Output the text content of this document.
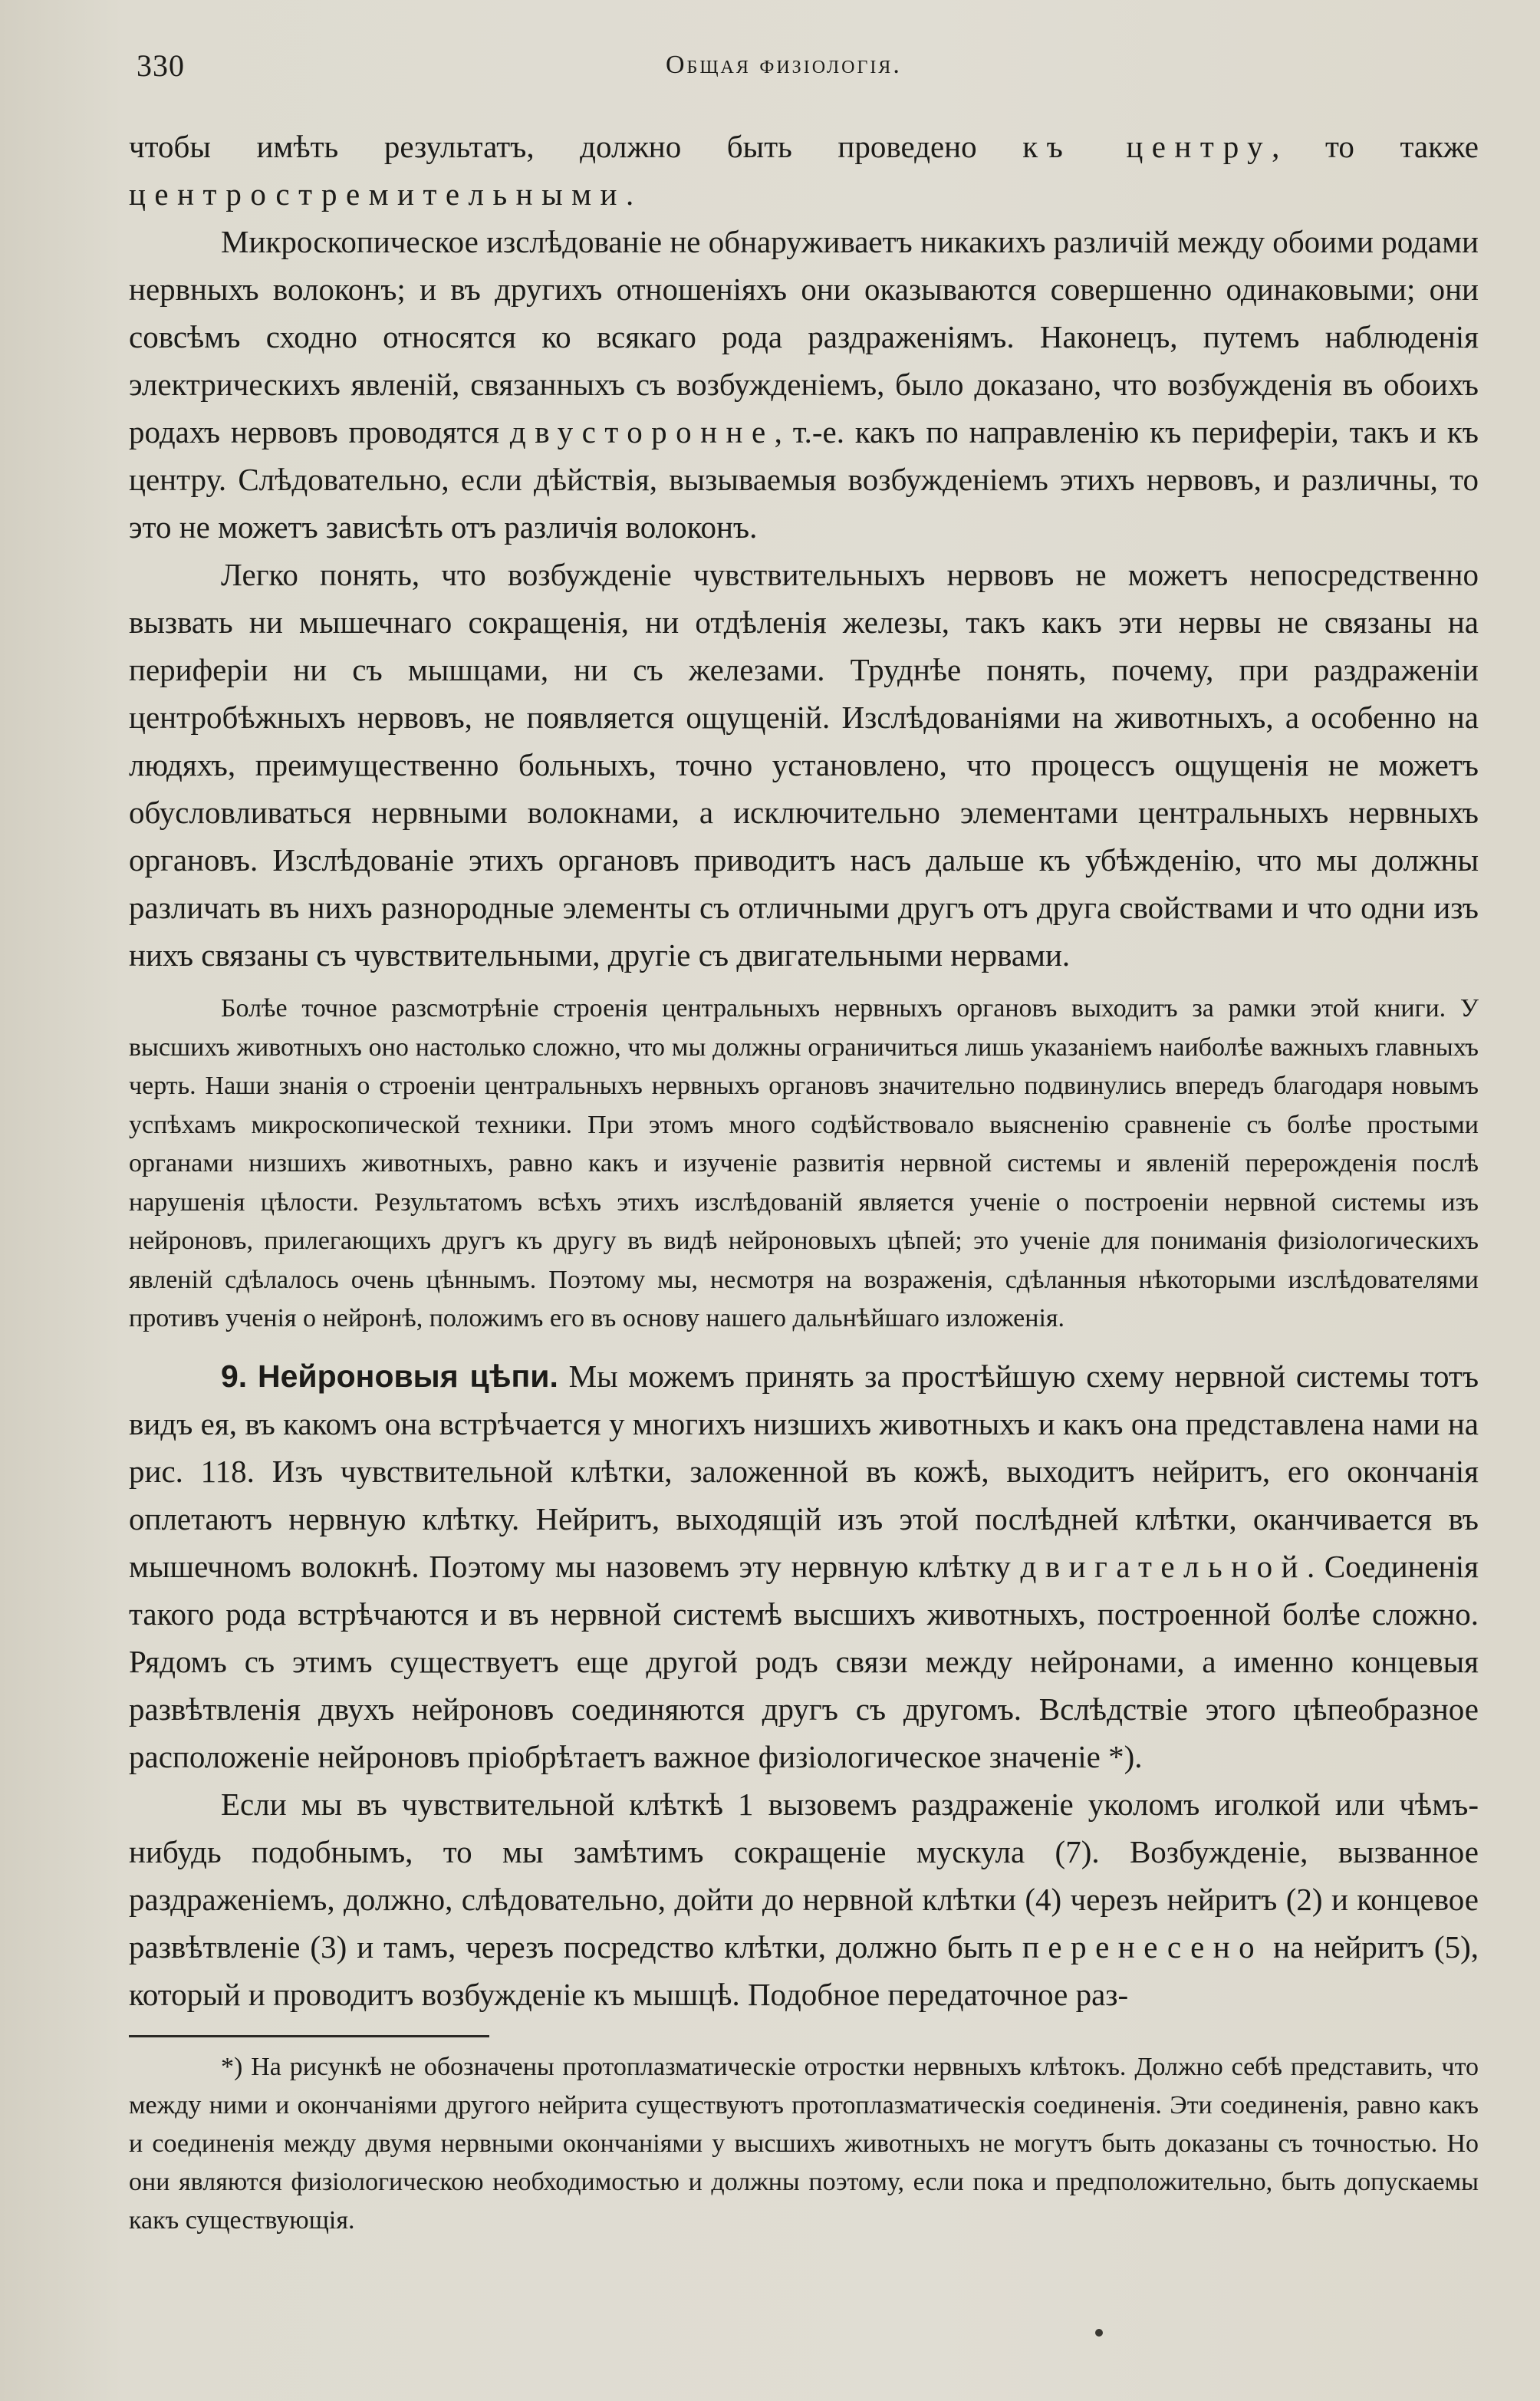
330	Общая физіологія.

чтобы имѣть результатъ, должно быть проведено къ центру, то также центростремительными.

Микроскопическое изслѣдованіе не обнаруживаетъ никакихъ различій между обоими родами нервныхъ волоконъ; и въ другихъ отношеніяхъ они оказываются совершенно одинаковыми; они совсѣмъ сходно относятся ко всякаго рода раздраженіямъ. Наконецъ, путемъ наблюденія электрическихъ явленій, связанныхъ съ возбужденіемъ, было доказано, что возбужденія въ обоихъ родахъ нервовъ проводятся двусторонне, т.-е. какъ по направленію къ периферіи, такъ и къ центру. Слѣдовательно, если дѣйствія, вызываемыя возбужденіемъ этихъ нервовъ, и различны, то это не можетъ зависѣть отъ различія волоконъ.

Легко понять, что возбужденіе чувствительныхъ нервовъ не можетъ непосредственно вызвать ни мышечнаго сокращенія, ни отдѣленія железы, такъ какъ эти нервы не связаны на периферіи ни съ мышцами, ни съ железами. Труднѣе понять, почему, при раздраженіи центробѣжныхъ нервовъ, не появляется ощущеній. Изслѣдованіями на животныхъ, а особенно на людяхъ, преимущественно больныхъ, точно установлено, что процессъ ощущенія не можетъ обусловливаться нервными волокнами, а исключительно элементами центральныхъ нервныхъ органовъ. Изслѣдованіе этихъ органовъ приводитъ насъ дальше къ убѣжденію, что мы должны различать въ нихъ разнородные элементы съ отличными другъ отъ друга свойствами и что одни изъ нихъ связаны съ чувствительными, другіе съ двигательными нервами.

Болѣе точное разсмотрѣніе строенія центральныхъ нервныхъ органовъ выходитъ за рамки этой книги. У высшихъ животныхъ оно настолько сложно, что мы должны ограничиться лишь указаніемъ наиболѣе важныхъ главныхъ черть. Наши знанія о строеніи центральныхъ нервныхъ органовъ значительно подвинулись впередъ благодаря новымъ успѣхамъ микроскопической техники. При этомъ много содѣйствовало выясненію сравненіе съ болѣе простыми органами низшихъ животныхъ, равно какъ и изученіе развитія нервной системы и явленій перерожденія послѣ нарушенія цѣлости. Результатомъ всѣхъ этихъ изслѣдованій является ученіе о построеніи нервной системы изъ нейроновъ, прилегающихъ другъ къ другу въ видѣ нейроновыхъ цѣпей; это ученіе для пониманія физіологическихъ явленій сдѣлалось очень цѣннымъ. Поэтому мы, несмотря на возраженія, сдѣланныя нѣкоторыми изслѣдователями противъ ученія о нейронѣ, положимъ его въ основу нашего дальнѣйшаго изложенія.

9. Нейроновыя цѣпи. Мы можемъ принять за простѣйшую схему нервной системы тотъ видъ ея, въ какомъ она встрѣчается у многихъ низшихъ животныхъ и какъ она представлена нами на рис. 118. Изъ чувствительной клѣтки, заложенной въ кожѣ, выходитъ нейритъ, его окончанія оплетаютъ нервную клѣтку. Нейритъ, выходящій изъ этой послѣдней клѣтки, оканчивается въ мышечномъ волокнѣ. Поэтому мы назовемъ эту нервную клѣтку двигательной. Соединенія такого рода встрѣчаются и въ нервной системѣ высшихъ животныхъ, построенной болѣе сложно. Рядомъ съ этимъ существуетъ еще другой родъ связи между нейронами, а именно концевыя развѣтвленія двухъ нейроновъ соединяются другъ съ другомъ. Вслѣдствіе этого цѣпеобразное расположеніе нейроновъ пріобрѣтаетъ важное физіологическое значеніе *).

Если мы въ чувствительной клѣткѣ 1 вызовемъ раздраженіе уколомъ иголкой или чѣмъ-нибудь подобнымъ, то мы замѣтимъ сокращеніе мускула (7). Возбужденіе, вызванное раздраженіемъ, должно, слѣдовательно, дойти до нервной клѣтки (4) черезъ нейритъ (2) и концевое развѣтвленіе (3) и тамъ, черезъ посредство клѣтки, должно быть перенесено на нейритъ (5), который и проводитъ возбужденіе къ мышцѣ. Подобное передаточное раз-

*) На рисункѣ не обозначены протоплазматическіе отростки нервныхъ клѣтокъ. Должно себѣ представить, что между ними и окончаніями другого нейрита существуютъ протоплазматическія соединенія. Эти соединенія, равно какъ и соединенія между двумя нервными окончаніями у высшихъ животныхъ не могутъ быть доказаны съ точностью. Но они являются физіологическою необходимостью и должны поэтому, если пока и предположительно, быть допускаемы какъ существующія.
